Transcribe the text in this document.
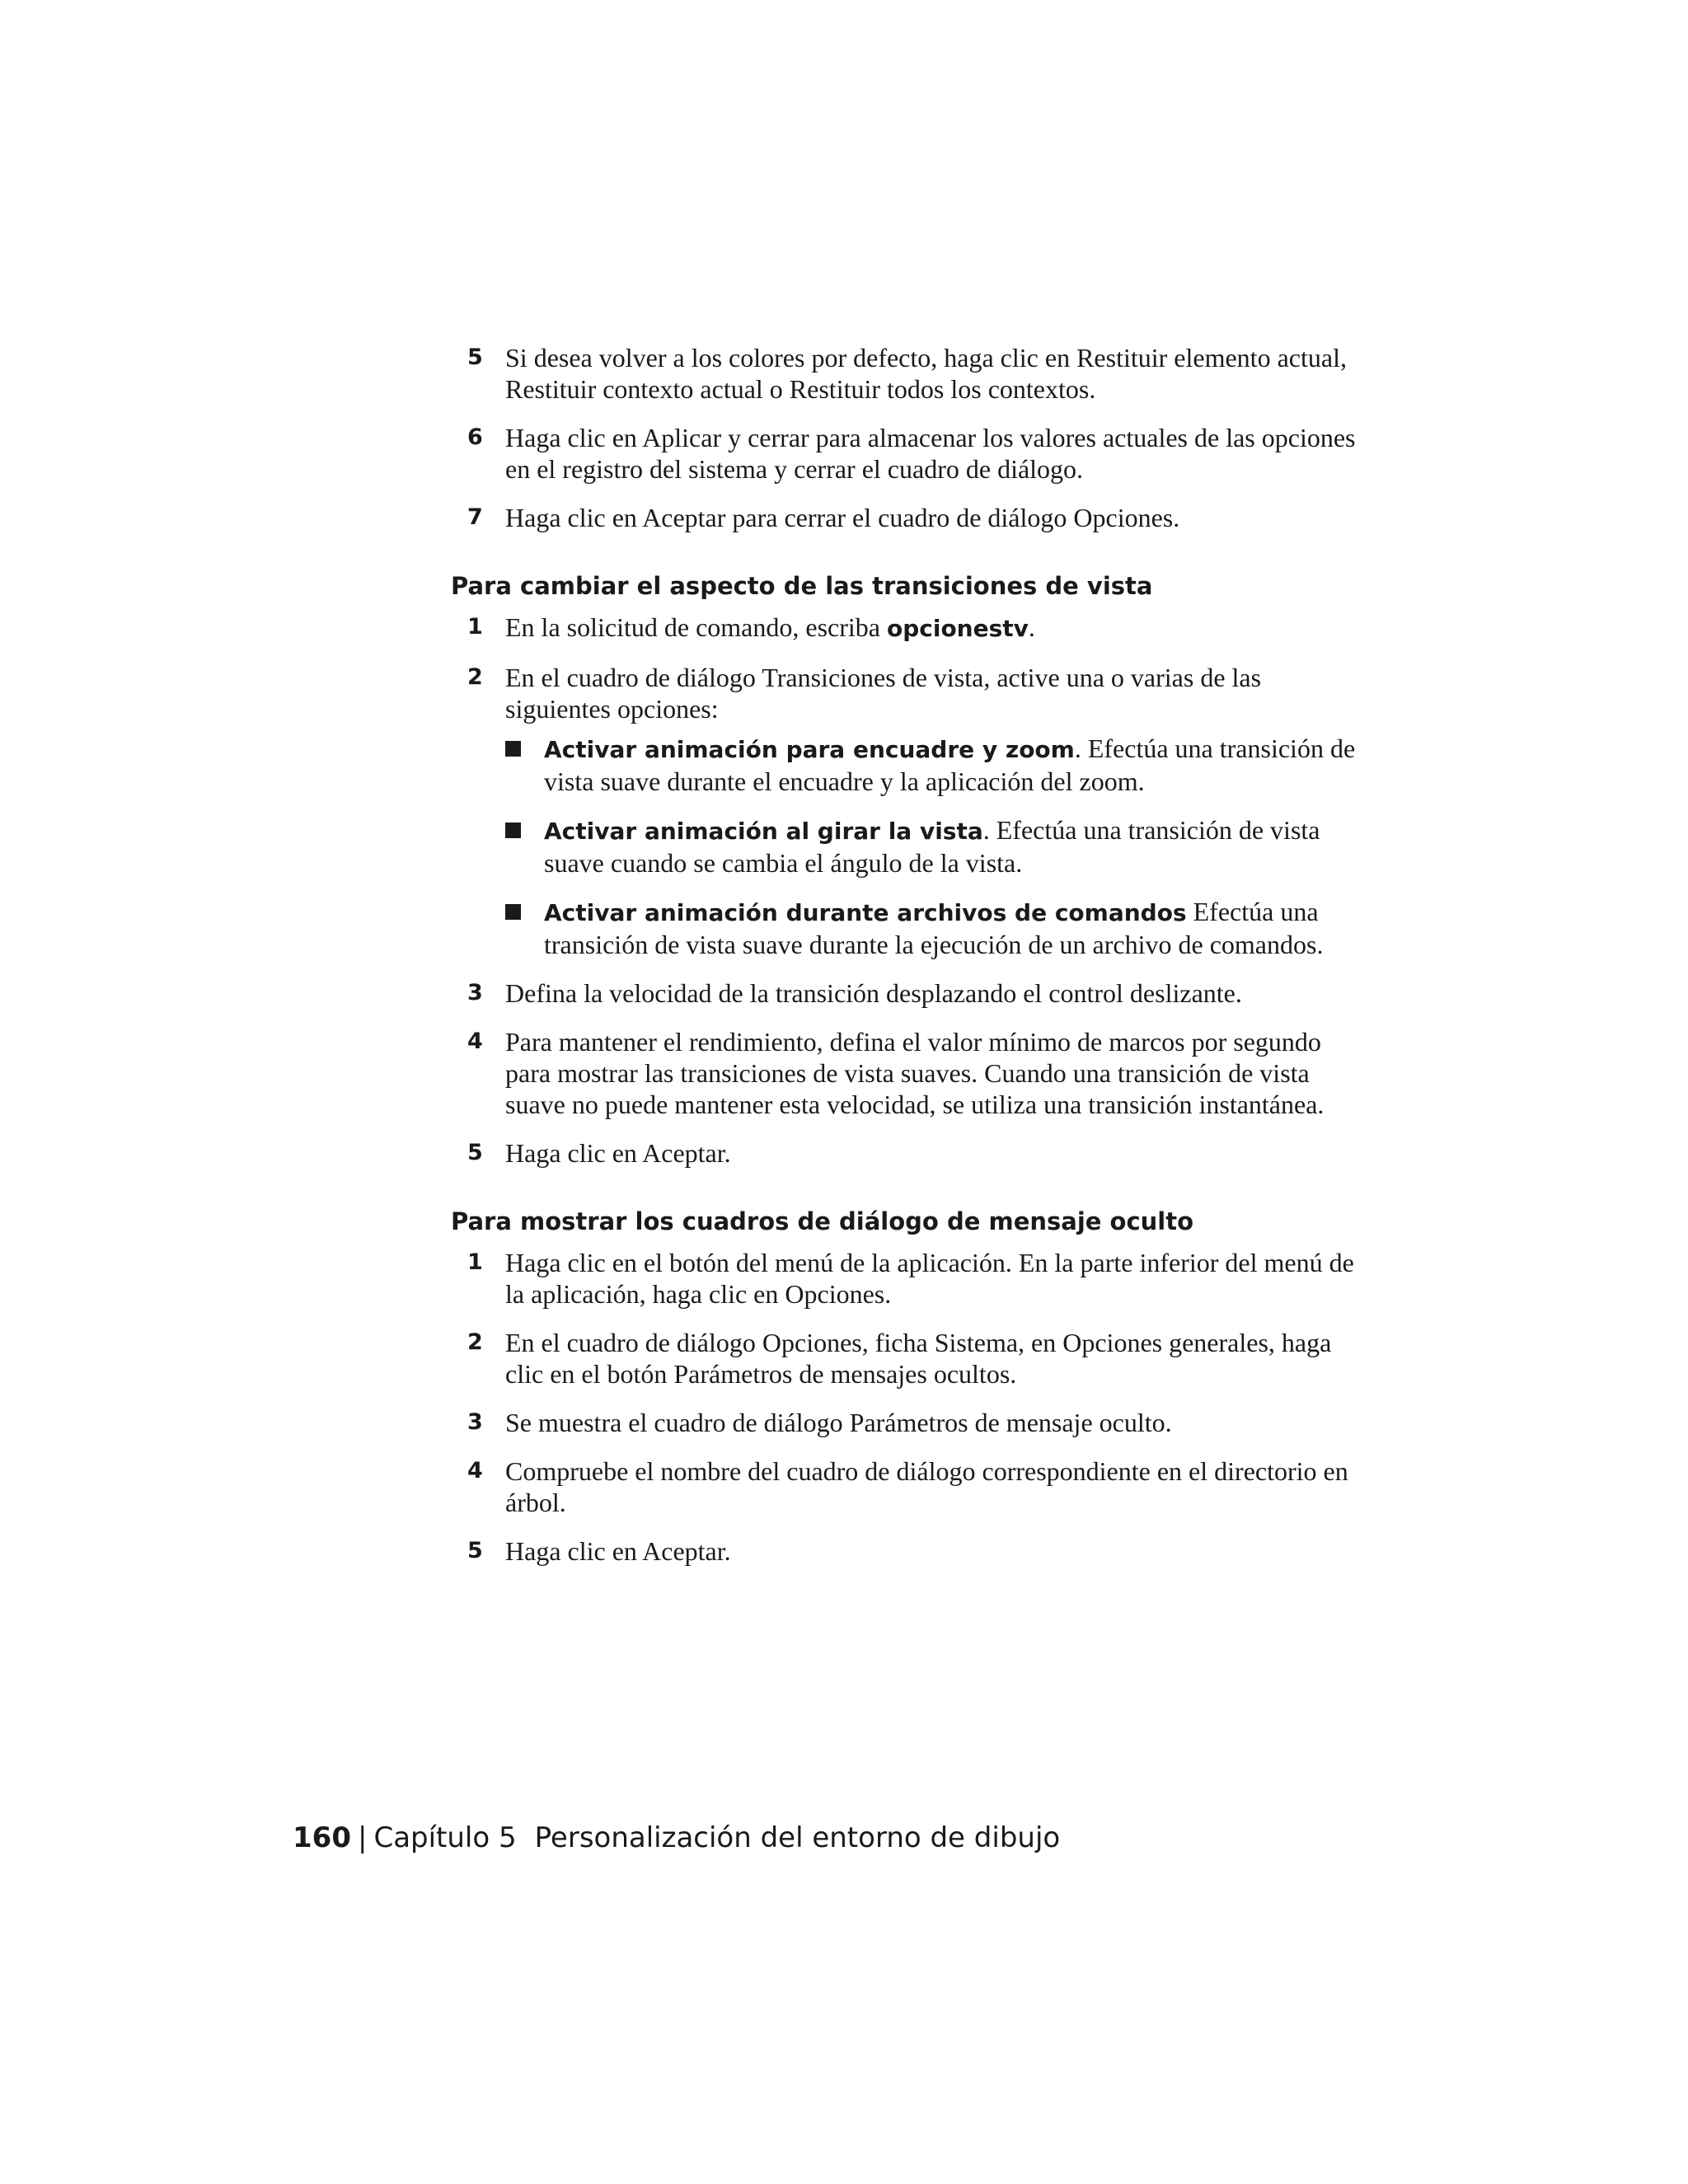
5 Si desea volver a los colores por defecto, haga clic en Restituir elemento actual, Restituir contexto actual o Restituir todos los contextos.
6 Haga clic en Aplicar y cerrar para almacenar los valores actuales de las opciones en el registro del sistema y cerrar el cuadro de diálogo.
7 Haga clic en Aceptar para cerrar el cuadro de diálogo Opciones.
Para cambiar el aspecto de las transiciones de vista
1 En la solicitud de comando, escriba opcionestv.
2 En el cuadro de diálogo Transiciones de vista, active una o varias de las siguientes opciones:
Activar animación para encuadre y zoom. Efectúa una transición de vista suave durante el encuadre y la aplicación del zoom.
Activar animación al girar la vista. Efectúa una transición de vista suave cuando se cambia el ángulo de la vista.
Activar animación durante archivos de comandos Efectúa una transición de vista suave durante la ejecución de un archivo de comandos.
3 Defina la velocidad de la transición desplazando el control deslizante.
4 Para mantener el rendimiento, defina el valor mínimo de marcos por segundo para mostrar las transiciones de vista suaves. Cuando una transición de vista suave no puede mantener esta velocidad, se utiliza una transición instantánea.
5 Haga clic en Aceptar.
Para mostrar los cuadros de diálogo de mensaje oculto
1 Haga clic en el botón del menú de la aplicación. En la parte inferior del menú de la aplicación, haga clic en Opciones.
2 En el cuadro de diálogo Opciones, ficha Sistema, en Opciones generales, haga clic en el botón Parámetros de mensajes ocultos.
3 Se muestra el cuadro de diálogo Parámetros de mensaje oculto.
4 Compruebe el nombre del cuadro de diálogo correspondiente en el directorio en árbol.
5 Haga clic en Aceptar.
160 | Capítulo 5 Personalización del entorno de dibujo
